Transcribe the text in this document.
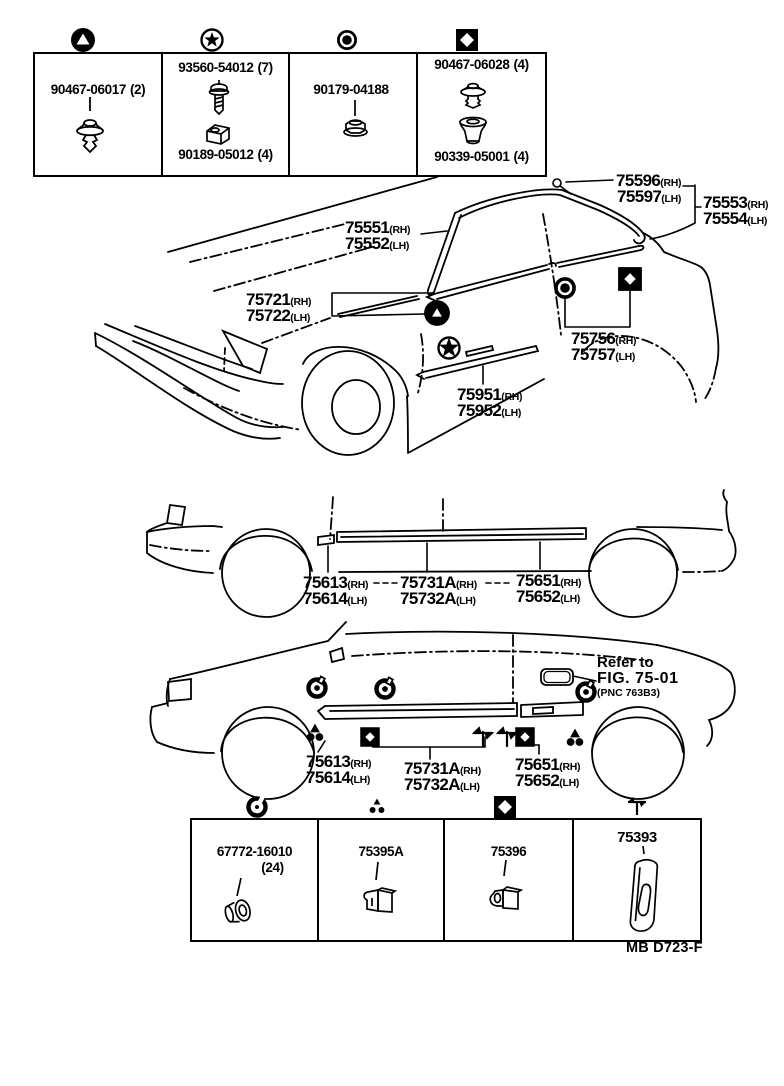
90467-06017 (2)
93560-54012 (7)
90189-05012 (4)
90179-04188
90467-06028 (4)
90339-05001 (4)
67772-16010
(24)
75395A	75396
75393
75596(RH)
75597(LH) 75553(RH)
75554(LH)
75551(RH)
75552(LH)
75721(RH)
75722(LH)
75756(RH)
75757(LH)
75951(RH)
75952(LH)
75613(RH)
75614(LH)
75731A(RH)
75732A(LH)
75651(RH)
75652(LH)
75613(RH)
75614(LH)
75731A(RH)
75732A(LH)
75651(RH)
75652(LH)
Refer to
FIG. 75-01
(PNC 763B3)
MB D723-F
